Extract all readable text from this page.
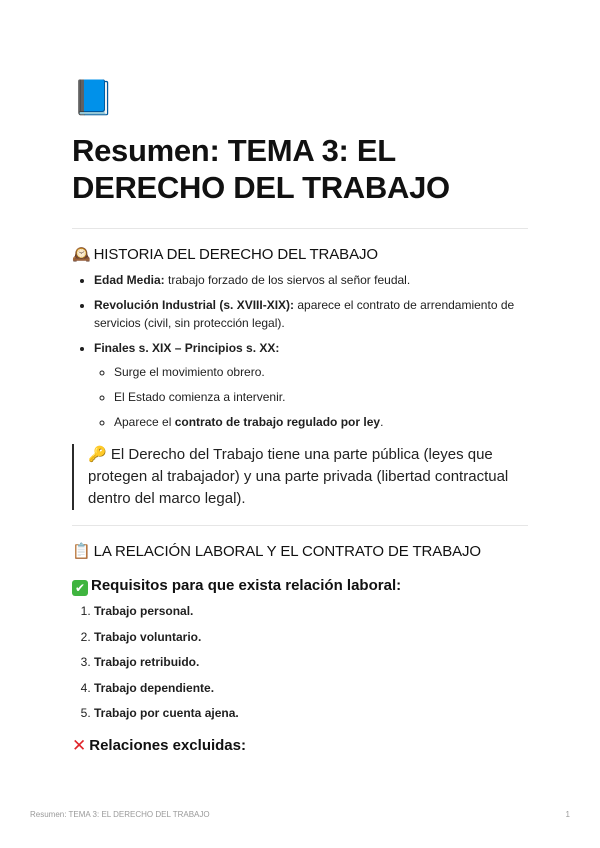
📘
Resumen: TEMA 3: EL DERECHO DEL TRABAJO
🕰️ HISTORIA DEL DERECHO DEL TRABAJO
• Edad Media: trabajo forzado de los siervos al señor feudal.
• Revolución Industrial (s. XVIII-XIX): aparece el contrato de arrendamiento de servicios (civil, sin protección legal).
• Finales s. XIX – Principios s. XX:
◦ Surge el movimiento obrero.
◦ El Estado comienza a intervenir.
◦ Aparece el contrato de trabajo regulado por ley.
🔑 El Derecho del Trabajo tiene una parte pública (leyes que protegen al trabajador) y una parte privada (libertad contractual dentro del marco legal).
📋 LA RELACIÓN LABORAL Y EL CONTRATO DE TRABAJO
✔ Requisitos para que exista relación laboral:
1. Trabajo personal.
2. Trabajo voluntario.
3. Trabajo retribuido.
4. Trabajo dependiente.
5. Trabajo por cuenta ajena.
✕ Relaciones excluidas:
Resumen: TEMA 3: EL DERECHO DEL TRABAJO	1
